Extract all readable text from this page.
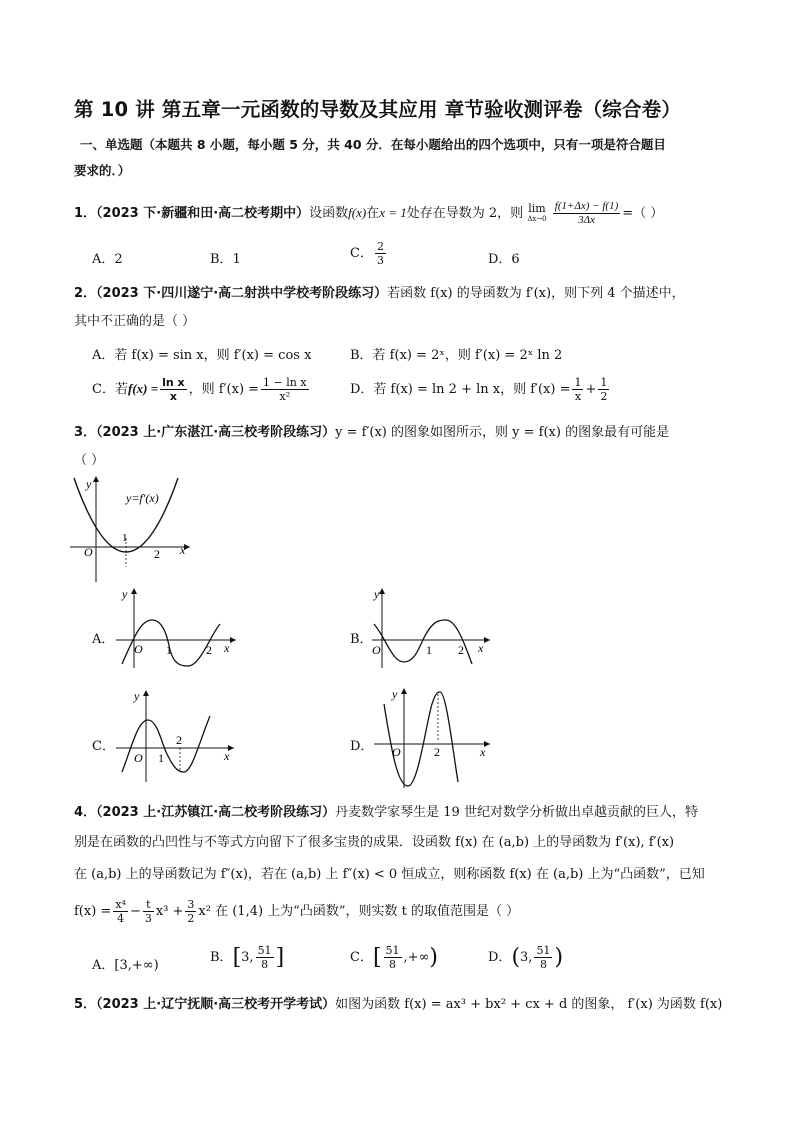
第 10 讲 第五章一元函数的导数及其应用 章节验收测评卷（综合卷）
一、单选题（本题共 8 小题，每小题 5 分，共 40 分．在每小题给出的四个选项中，只有一项是符合题目
要求的．）
1．（2023 下·新疆和田·高二校考期中）设函数f(x)在x = 1处存在导数为 2，则 lim
Δx→0
$\frac{f(1+\Delta x) - f(1)}{3\Delta x}$ =（ ）
A．2	B．1	C． $\frac{2}{3}$	D．6
2．（2023 下·四川遂宁·高二射洪中学校考阶段练习）若函数 f(x) 的导函数为 f′(x)，则下列 4 个描述中，
其中不正确的是（ ）
A．若 f(x) = sin x，则 f′(x) = cos x	B．若 f(x) = 2ˣ，则 f′(x) = 2ˣ ln 2
C．若$f(x) = \frac{\text{ln x}}{x}$ ，则 $f'(x) = \frac{\text{1 − ln x}}{\text{x²}}$	D．若 f(x) = ln 2 + ln x，则 $f'(x) = \frac{1}{x} + \frac{1}{2}$
3．（2023 上·广东湛江·高三校考阶段练习）y = f′(x) 的图象如图所示，则 y = f(x) 的图象最有可能是
（ ）
y
y=f′(x)
O
1
2 x
A．
y
O 1	2 x
B．
y
O	1 2 x
C．
y
O 1
2
x
D．
y
O	2	x
4．（2023 上·江苏镇江·高二校考阶段练习）丹麦数学家琴生是 19 世纪对数学分析做出卓越贡献的巨人，特
别是在函数的凸凹性与不等式方向留下了很多宝贵的成果．设函数 f(x) 在 (a,b) 上的导函数为 f′(x), f′(x)
在 (a,b) 上的导函数记为 f″(x)，若在 (a,b) 上 f″(x) < 0 恒成立，则称函数 f(x) 在 (a,b) 上为“凸函数”，已知
$f(x) = \frac{\text{x⁴}}{4} - \frac{t}{3} x^3 + \frac{3}{2} x^2$ 在 (1,4) 上为“凸函数”，则实数 t 的取值范围是（ ）
A．[3,+∞)
B．[3, $\frac{51}{8}$ ]	C．[ $\frac{51}{8}$ ,+∞)	D．(3, $\frac{51}{8}$ )
5．（2023 上·辽宁抚顺·高三校考开学考试）如图为函数 f(x) = ax³ + bx² + cx + d 的图象， f′(x) 为函数 f(x)
